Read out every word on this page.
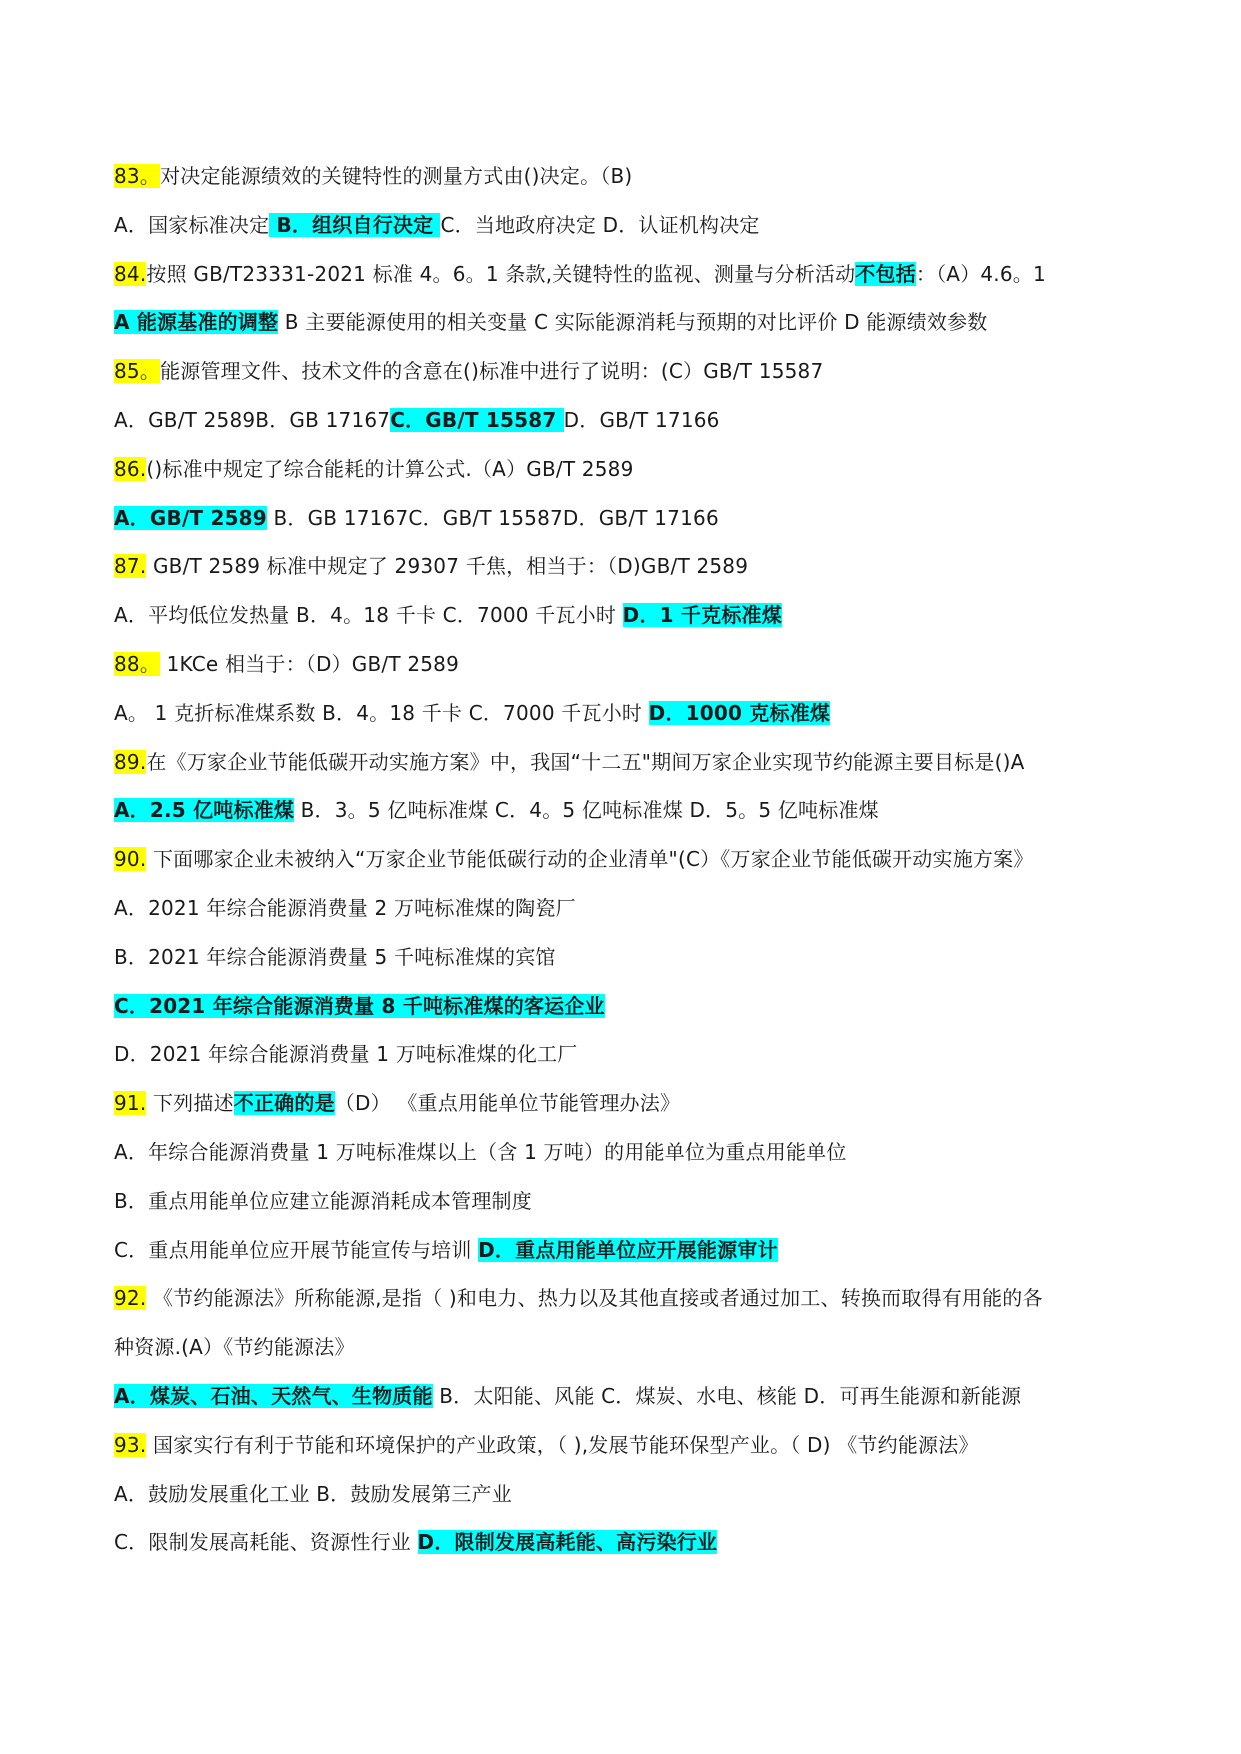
83。对决定能源绩效的关键特性的测量方式由()决定。（B)
A．国家标准决定 B．组织自行决定 C．当地政府决定 D．认证机构决定
84.按照 GB/T23331-2021 标准 4。6。1 条款,关键特性的监视、测量与分析活动不包括：（A）4.6。1
A 能源基准的调整 B 主要能源使用的相关变量 C 实际能源消耗与预期的对比评价 D 能源绩效参数
85。能源管理文件、技术文件的含意在()标准中进行了说明：(C）GB/T 15587
A．GB/T 2589B．GB 17167C．GB/T 15587 D．GB/T 17166
86.()标准中规定了综合能耗的计算公式.（A）GB/T 2589
A．GB/T 2589 B．GB 17167C．GB/T 15587D．GB/T 17166
87. GB/T 2589 标准中规定了 29307 千焦，相当于：（D)GB/T 2589
A．平均低位发热量 B．4。18 千卡 C．7000 千瓦小时 D．1 千克标准煤
88。 1KCe 相当于：（D）GB/T 2589
A。 1 克折标准煤系数 B．4。18 千卡 C．7000 千瓦小时 D．1000 克标准煤
89.在《万家企业节能低碳开动实施方案》中，我国“十二五"期间万家企业实现节约能源主要目标是()A
A．2.5 亿吨标准煤 B．3。5 亿吨标准煤 C．4。5 亿吨标准煤 D．5。5 亿吨标准煤
90. 下面哪家企业未被纳入“万家企业节能低碳行动的企业清单"(C）《万家企业节能低碳开动实施方案》
A．2021 年综合能源消费量 2 万吨标准煤的陶瓷厂
B．2021 年综合能源消费量 5 千吨标准煤的宾馆
C．2021 年综合能源消费量 8 千吨标准煤的客运企业
D．2021 年综合能源消费量 1 万吨标准煤的化工厂
91. 下列描述不正确的是（D） 《重点用能单位节能管理办法》
A．年综合能源消费量 1 万吨标准煤以上（含 1 万吨）的用能单位为重点用能单位
B．重点用能单位应建立能源消耗成本管理制度
C．重点用能单位应开展节能宣传与培训 D．重点用能单位应开展能源审计
92. 《节约能源法》所称能源,是指（ )和电力、热力以及其他直接或者通过加工、转换而取得有用能的各
种资源.(A）《节约能源法》
A．煤炭、石油、天然气、生物质能 B．太阳能、风能 C．煤炭、水电、核能 D．可再生能源和新能源
93. 国家实行有利于节能和环境保护的产业政策，（ ),发展节能环保型产业。（ D) 《节约能源法》
A．鼓励发展重化工业 B．鼓励发展第三产业
C．限制发展高耗能、资源性行业 D．限制发展高耗能、高污染行业
